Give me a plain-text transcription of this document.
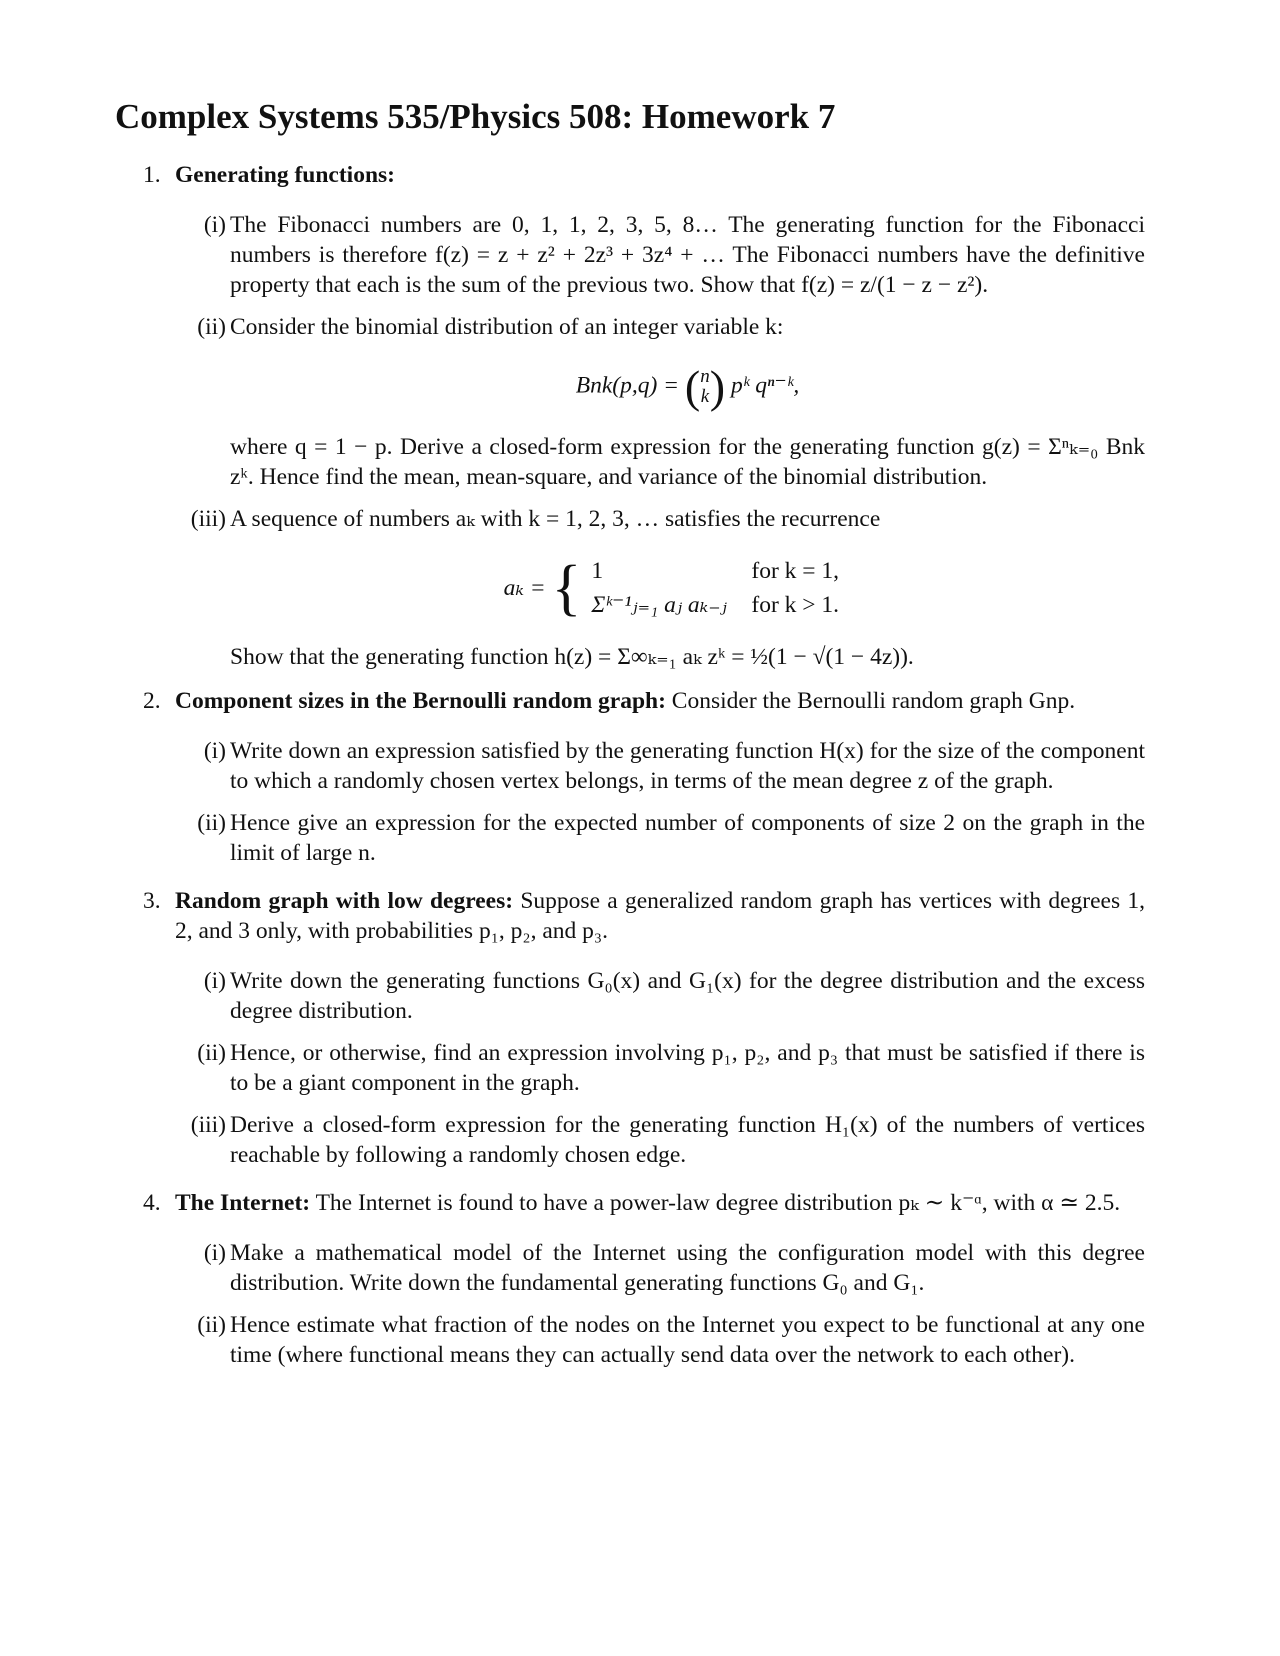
Complex Systems 535/Physics 508: Homework 7
1. Generating functions:
(i) The Fibonacci numbers are 0, 1, 1, 2, 3, 5, 8… The generating function for the Fibonacci numbers is therefore f(z) = z + z² + 2z³ + 3z⁴ + … The Fibonacci numbers have the definitive property that each is the sum of the previous two. Show that f(z) = z/(1 − z − z²).

(ii) Consider the binomial distribution of an integer variable k:

Bnk(p,q) = ( n
k ) pᵏ qⁿ⁻ᵏ,

where q = 1 − p. Derive a closed-form expression for the generating function g(z) = Σⁿₖ₌₀ Bnk zᵏ. Hence find the mean, mean-square, and variance of the binomial distribution.

(iii) A sequence of numbers aₖ with k = 1, 2, 3, … satisfies the recurrence

aₖ = { 1	for k = 1,
Σᵏ⁻¹ⱼ₌₁ aⱼ aₖ₋ⱼ	for k > 1.

Show that the generating function h(z) = Σ∞ₖ₌₁ aₖ zᵏ = ½(1 − √(1 − 4z)).

2. Component sizes in the Bernoulli random graph: Consider the Bernoulli random graph Gnp.
(i) Write down an expression satisfied by the generating function H(x) for the size of the component to which a randomly chosen vertex belongs, in terms of the mean degree z of the graph.

(ii) Hence give an expression for the expected number of components of size 2 on the graph in the limit of large n.

3. Random graph with low degrees: Suppose a generalized random graph has vertices with degrees 1, 2, and 3 only, with probabilities p₁, p₂, and p₃.
(i) Write down the generating functions G₀(x) and G₁(x) for the degree distribution and the excess degree distribution.

(ii) Hence, or otherwise, find an expression involving p₁, p₂, and p₃ that must be satisfied if there is to be a giant component in the graph.

(iii) Derive a closed-form expression for the generating function H₁(x) of the numbers of vertices reachable by following a randomly chosen edge.

4. The Internet: The Internet is found to have a power-law degree distribution pₖ ∼ k⁻ᵅ, with α ≃ 2.5.
(i) Make a mathematical model of the Internet using the configuration model with this degree distribution. Write down the fundamental generating functions G₀ and G₁.

(ii) Hence estimate what fraction of the nodes on the Internet you expect to be functional at any one time (where functional means they can actually send data over the network to each other).
